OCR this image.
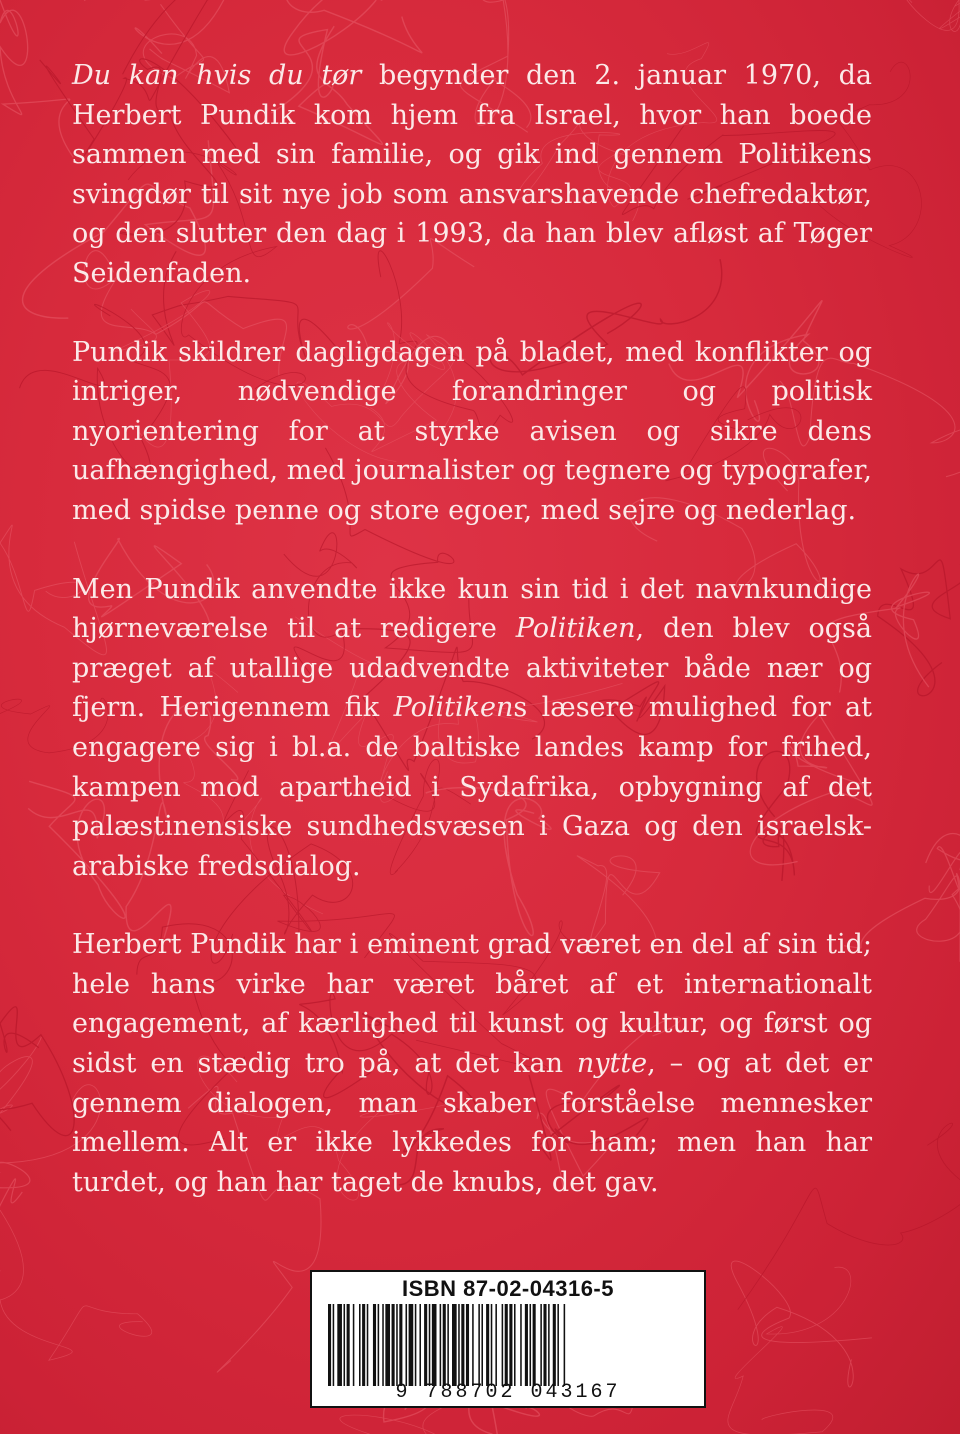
Du kan hvis du tør begynder den 2. januar 1970, da Herbert Pundik kom hjem fra Israel, hvor han boede sammen med sin familie, og gik ind gennem Politikens svingdør til sit nye job som ansvarshavende chefredaktør, og den slutter den dag i 1993, da han blev afløst af Tøger Seidenfaden.

Pundik skildrer dagligdagen på bladet, med konflikter og intriger, nødvendige forandringer og politisk nyorientering for at styrke avisen og sikre dens uafhængighed, med journalister og tegnere og typografer, med spidse penne og store egoer, med sejre og nederlag.

Men Pundik anvendte ikke kun sin tid i det navnkundige hjørneværelse til at redigere Politiken, den blev også præget af utallige udadvendte aktiviteter både nær og fjern. Herigennem fik Politikens læsere mulighed for at engagere sig i bl.a. de baltiske landes kamp for frihed, kampen mod apartheid i Sydafrika, opbygning af det palæstinensiske sundhedsvæsen i Gaza og den israelsk-arabiske fredsdialog.

Herbert Pundik har i eminent grad været en del af sin tid; hele hans virke har været båret af et internationalt engagement, af kærlighed til kunst og kultur, og først og sidst en stædig tro på, at det kan nytte, – og at det er gennem dialogen, man skaber forståelse mennesker imellem. Alt er ikke lykkedes for ham; men han har turdet, og han har taget de knubs, det gav.

ISBN 87-02-04316-5
9 788702 043167
